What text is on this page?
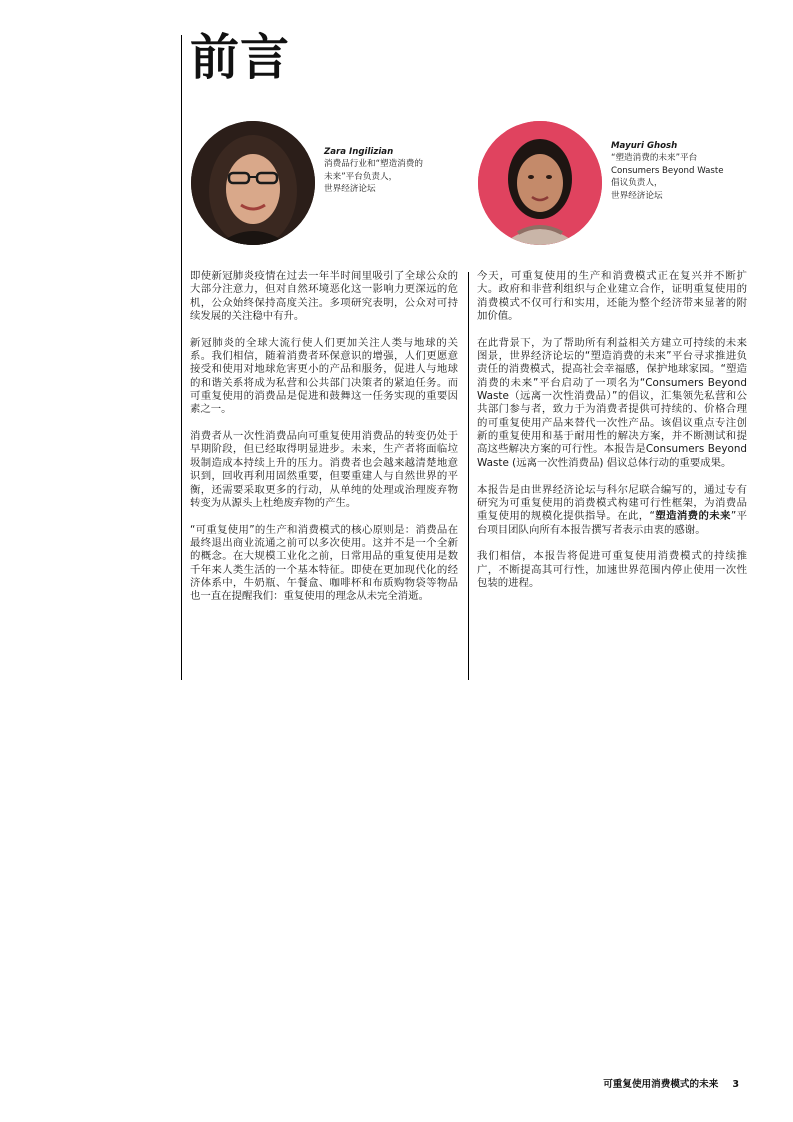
前言
Zara Ingilizian
消费品行业和“塑造消费的
未来”平台负责人，
世界经济论坛
Mayuri Ghosh
“塑造消费的未来”平台
Consumers Beyond Waste
倡议负责人，
世界经济论坛

即使新冠肺炎疫情在过去一年半时间里吸引了全球公众的大部分注意力，但对自然环境恶化这一影响力更深远的危机，公众始终保持高度关注。多项研究表明，公众对可持续发展的关注稳中有升。

新冠肺炎的全球大流行使人们更加关注人类与地球的关系。我们相信，随着消费者环保意识的增强，人们更愿意接受和使用对地球危害更小的产品和服务，促进人与地球的和谐关系将成为私营和公共部门决策者的紧迫任务。而可重复使用的消费品是促进和鼓舞这一任务实现的重要因素之一。

消费者从一次性消费品向可重复使用消费品的转变仍处于早期阶段，但已经取得明显进步。未来，生产者将面临垃圾制造成本持续上升的压力。消费者也会越来越清楚地意识到，回收再利用固然重要，但要重建人与自然世界的平衡，还需要采取更多的行动，从单纯的处理或治理废弃物转变为从源头上杜绝废弃物的产生。

“可重复使用”的生产和消费模式的核心原则是：消费品在最终退出商业流通之前可以多次使用。这并不是一个全新的概念。在大规模工业化之前，日常用品的重复使用是数千年来人类生活的一个基本特征。即使在更加现代化的经济体系中，牛奶瓶、午餐盒、咖啡杯和布质购物袋等物品也一直在提醒我们：重复使用的理念从未完全消逝。

今天，可重复使用的生产和消费模式正在复兴并不断扩大。政府和非营利组织与企业建立合作，证明重复使用的消费模式不仅可行和实用，还能为整个经济带来显著的附加价值。

在此背景下，为了帮助所有利益相关方建立可持续的未来图景，世界经济论坛的“塑造消费的未来”平台寻求推进负责任的消费模式，提高社会幸福感，保护地球家园。“塑造消费的未来”平台启动了一项名为“Consumers Beyond Waste（远离一次性消费品）”的倡议，汇集领先私营和公共部门参与者，致力于为消费者提供可持续的、价格合理的可重复使用产品来替代一次性产品。该倡议重点专注创新的重复使用和基于耐用性的解决方案，并不断测试和提高这些解决方案的可行性。本报告是Consumers Beyond Waste (远离一次性消费品) 倡议总体行动的重要成果。

本报告是由世界经济论坛与科尔尼联合编写的，通过专有研究为可重复使用的消费模式构建可行性框架，为消费品重复使用的规模化提供指导。在此，“塑造消费的未来”平台项目团队向所有本报告撰写者表示由衷的感谢。

我们相信，本报告将促进可重复使用消费模式的持续推广，不断提高其可行性，加速世界范围内停止使用一次性包装的进程。

可重复使用消费模式的未来 3
